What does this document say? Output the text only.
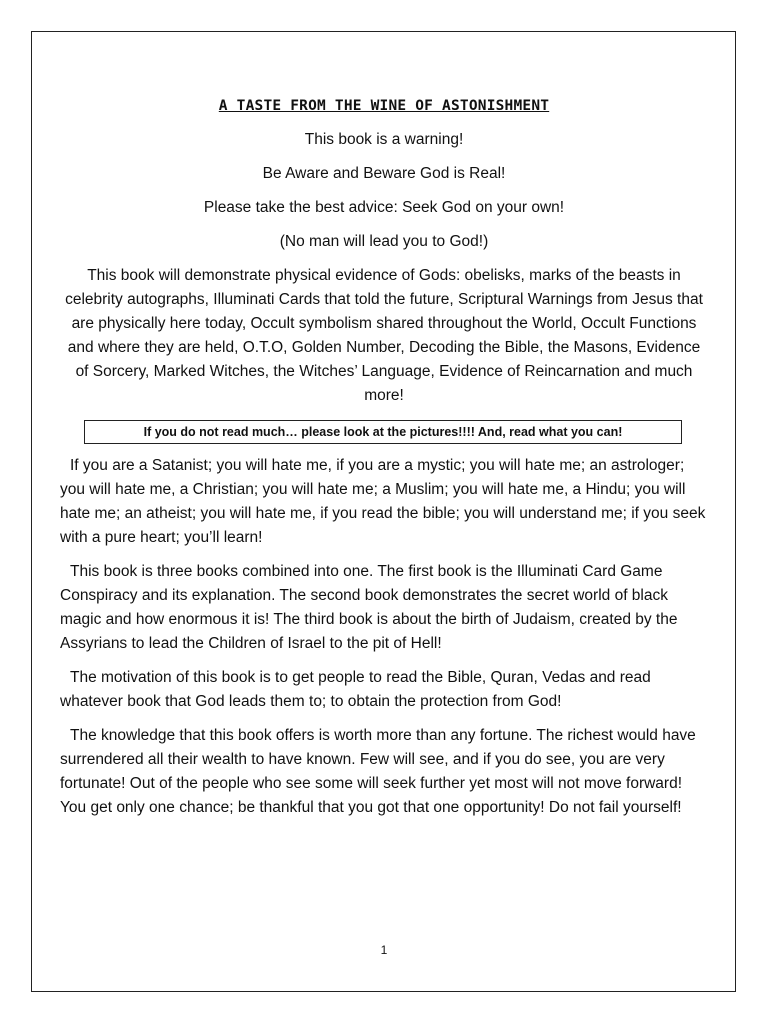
A TASTE FROM THE WINE OF ASTONISHMENT

This book is a warning!

Be Aware and Beware God is Real!

Please take the best advice: Seek God on your own!

(No man will lead you to God!)

This book will demonstrate physical evidence of Gods: obelisks, marks of the beasts in celebrity autographs, Illuminati Cards that told the future, Scriptural Warnings from Jesus that are physically here today, Occult symbolism shared throughout the World, Occult Functions and where they are held, O.T.O, Golden Number, Decoding the Bible, the Masons, Evidence of Sorcery, Marked Witches, the Witches’ Language, Evidence of Reincarnation and much more!

If you do not read much… please look at the pictures!!!! And, read what you can!

If you are a Satanist; you will hate me, if you are a mystic; you will hate me; an astrologer; you will hate me, a Christian; you will hate me; a Muslim; you will hate me, a Hindu; you will hate me; an atheist; you will hate me, if you read the bible; you will understand me; if you seek with a pure heart; you’ll learn!

This book is three books combined into one. The first book is the Illuminati Card Game Conspiracy and its explanation. The second book demonstrates the secret world of black magic and how enormous it is! The third book is about the birth of Judaism, created by the Assyrians to lead the Children of Israel to the pit of Hell!

The motivation of this book is to get people to read the Bible, Quran, Vedas and read whatever book that God leads them to; to obtain the protection from God!

The knowledge that this book offers is worth more than any fortune. The richest would have surrendered all their wealth to have known. Few will see, and if you do see, you are very fortunate! Out of the people who see some will seek further yet most will not move forward! You get only one chance; be thankful that you got that one opportunity! Do not fail yourself!

1
